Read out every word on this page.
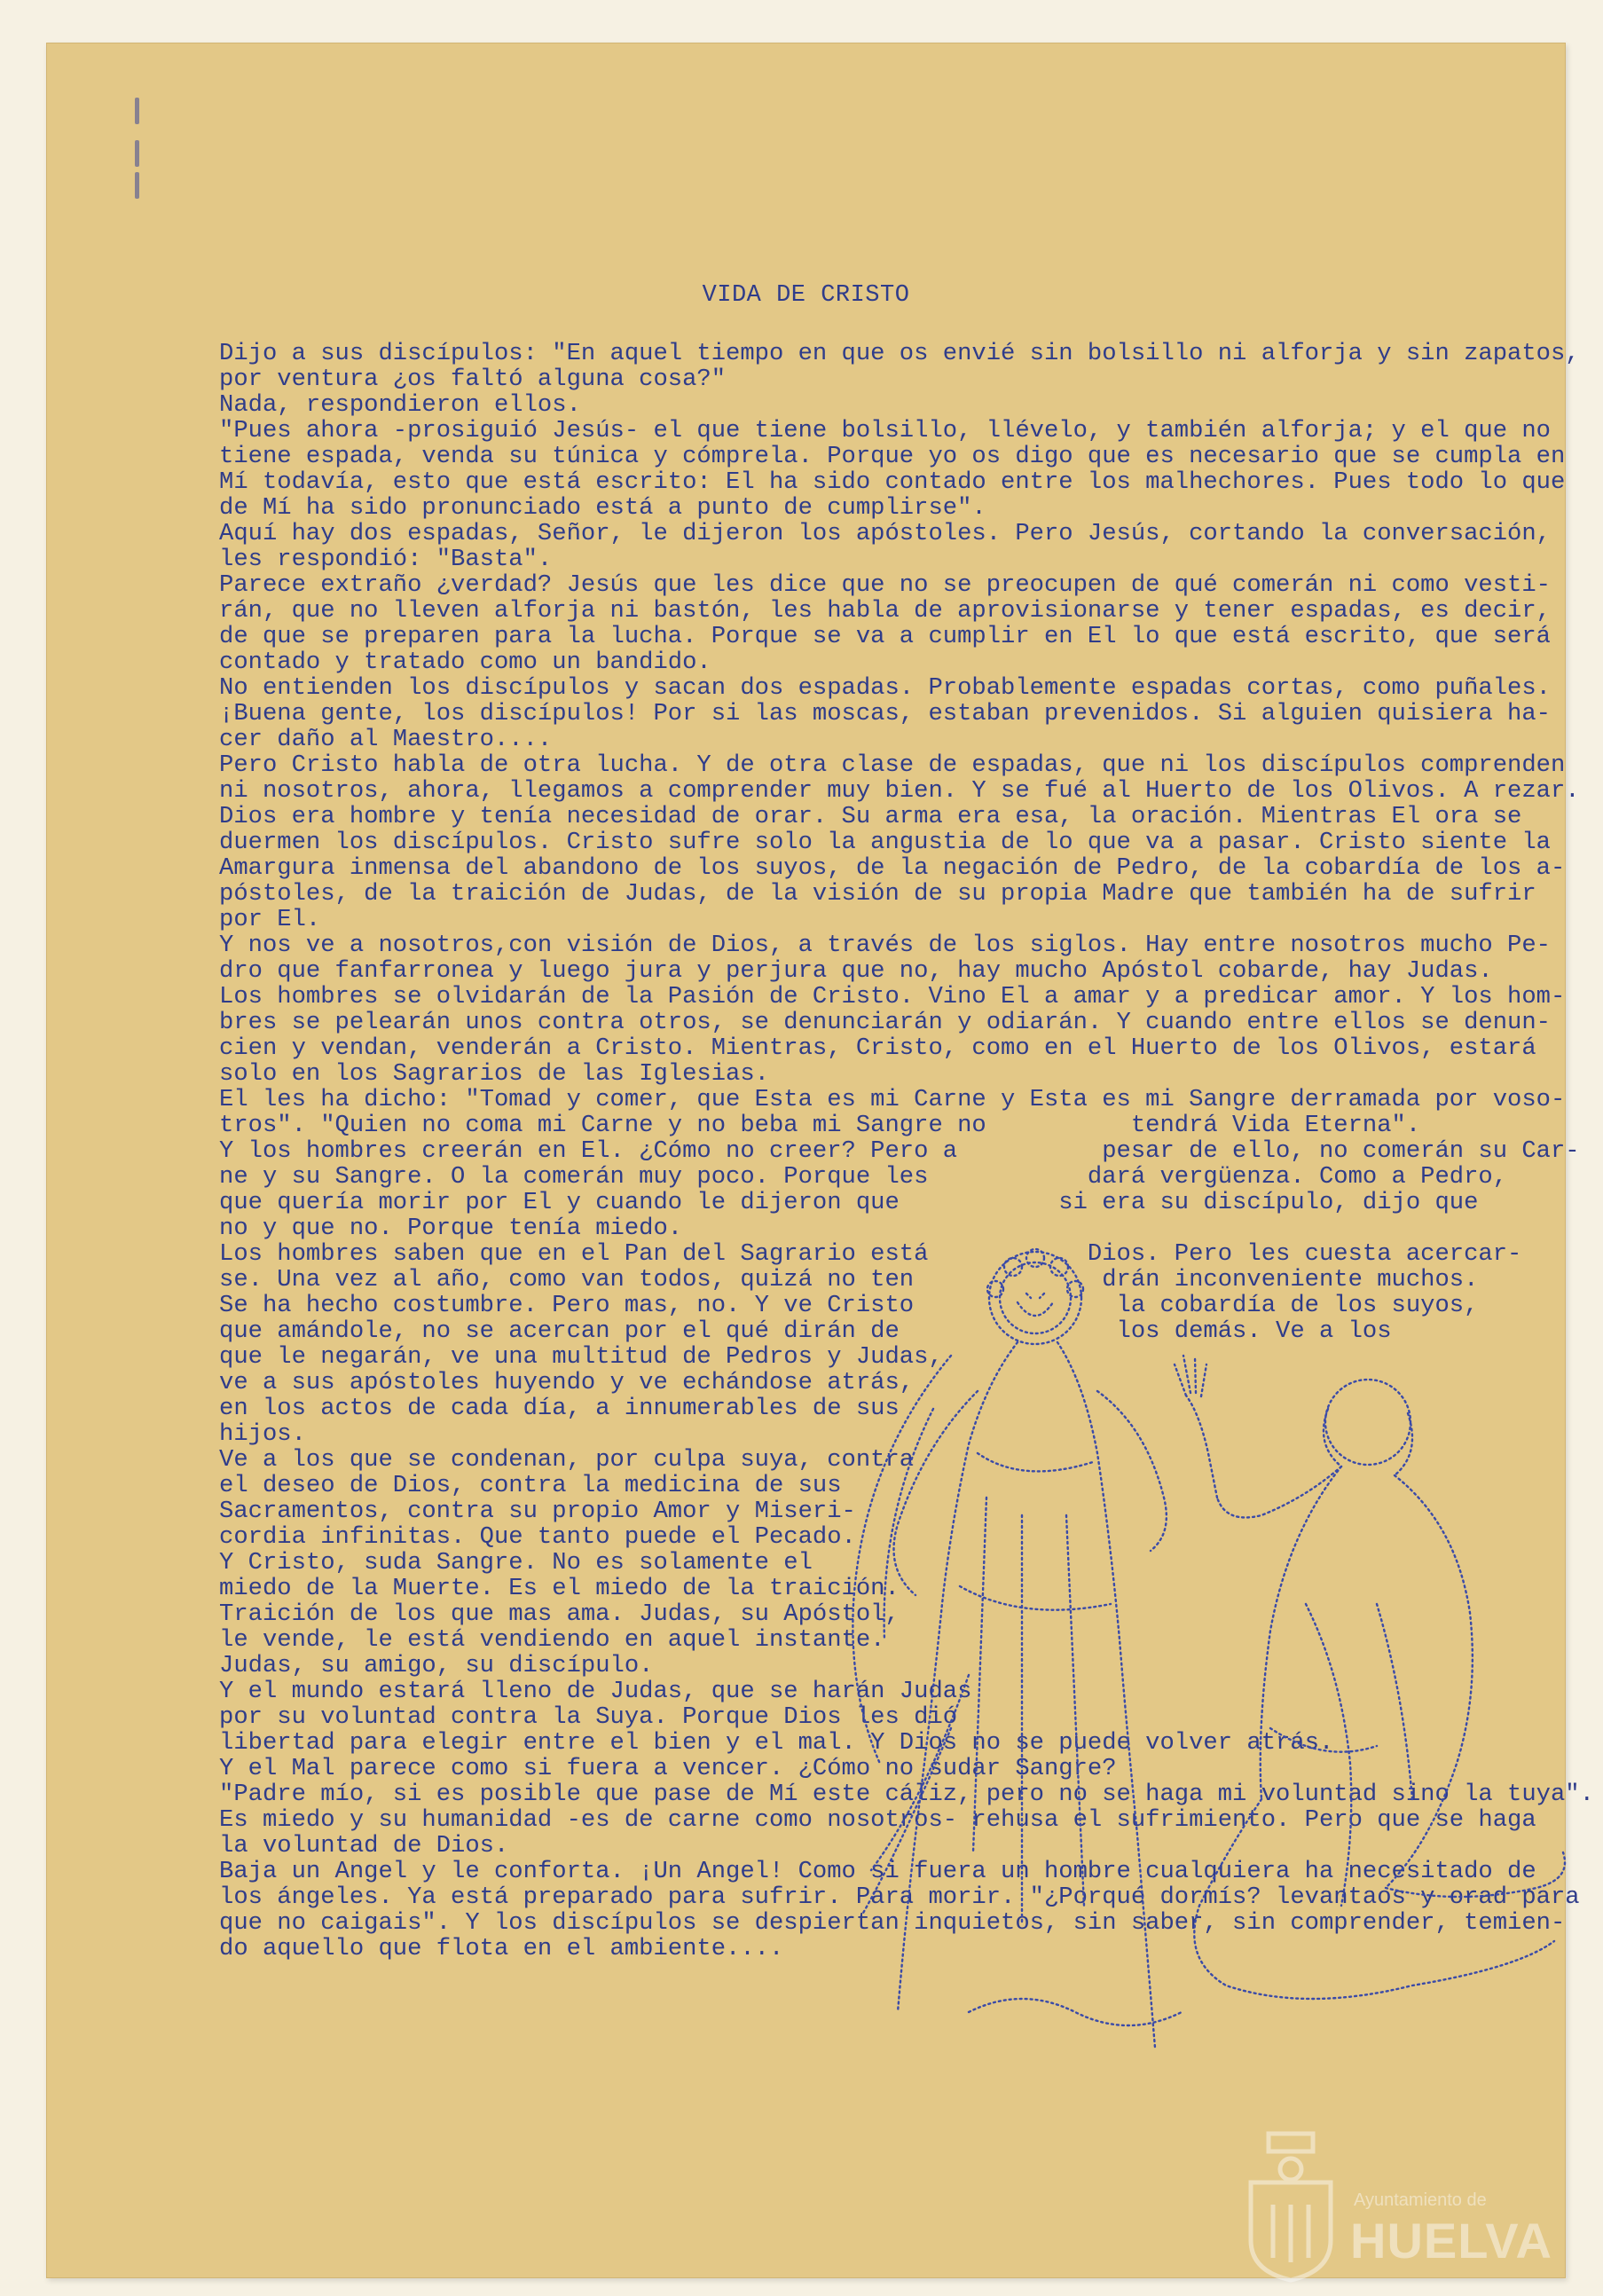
VIDA DE CRISTO
Dijo a sus discípulos: "En aquel tiempo en que os envié sin bolsillo ni alforja y sin zapatos,
por ventura ¿os faltó alguna cosa?"
Nada, respondieron ellos.
"Pues ahora -prosiguió Jesús- el que tiene bolsillo, llévelo, y también alforja; y el que no
tiene espada, venda su túnica y cómprela. Porque yo os digo que es necesario que se cumpla en
Mí todavía, esto que está escrito: El ha sido contado entre los malhechores. Pues todo lo que
de Mí ha sido pronunciado está a punto de cumplirse".
Aquí hay dos espadas, Señor, le dijeron los apóstoles. Pero Jesús, cortando la conversación,
les respondió: "Basta".
Parece extraño ¿verdad? Jesús que les dice que no se preocupen de qué comerán ni como vesti-
rán, que no lleven alforja ni bastón, les habla de aprovisionarse y tener espadas, es decir,
de que se preparen para la lucha. Porque se va a cumplir en El lo que está escrito, que será
contado y tratado como un bandido.
No entienden los discípulos y sacan dos espadas. Probablemente espadas cortas, como puñales.
¡Buena gente, los discípulos! Por si las moscas, estaban prevenidos. Si alguien quisiera ha-
cer daño al Maestro....
Pero Cristo habla de otra lucha. Y de otra clase de espadas, que ni los discípulos comprenden
ni nosotros, ahora, llegamos a comprender muy bien. Y se fué al Huerto de los Olivos. A rezar.
Dios era hombre y tenía necesidad de orar. Su arma era esa, la oración. Mientras El ora se
duermen los discípulos. Cristo sufre solo la angustia de lo que va a pasar. Cristo siente la
Amargura inmensa del abandono de los suyos, de la negación de Pedro, de la cobardía de los a-
póstoles, de la traición de Judas, de la visión de su propia Madre que también ha de sufrir
por El.
Y nos ve a nosotros,con visión de Dios, a través de los siglos. Hay entre nosotros mucho Pe-
dro que fanfarronea y luego jura y perjura que no, hay mucho Apóstol cobarde, hay Judas.
Los hombres se olvidarán de la Pasión de Cristo. Vino El a amar y a predicar amor. Y los hom-
bres se pelearán unos contra otros, se denunciarán y odiarán. Y cuando entre ellos se denun-
cien y vendan, venderán a Cristo. Mientras, Cristo, como en el Huerto de los Olivos, estará
solo en los Sagrarios de las Iglesias.
El les ha dicho: "Tomad y comer, que Esta es mi Carne y Esta es mi Sangre derramada por voso-
tros". "Quien no coma mi Carne y no beba mi Sangre no          tendrá Vida Eterna".
Y los hombres creerán en El. ¿Cómo no creer? Pero a          pesar de ello, no comerán su Car-
ne y su Sangre. O la comerán muy poco. Porque les           dará vergüenza. Como a Pedro,
que quería morir por El y cuando le dijeron que           si era su discípulo, dijo que
no y que no. Porque tenía miedo.
Los hombres saben que en el Pan del Sagrario está           Dios. Pero les cuesta acercar-
se. Una vez al año, como van todos, quizá no ten             drán inconveniente muchos.
Se ha hecho costumbre. Pero mas, no. Y ve Cristo              la cobardía de los suyos,
que amándole, no se acercan por el qué dirán de               los demás. Ve a los
que le negarán, ve una multitud de Pedros y Judas,
ve a sus apóstoles huyendo y ve echándose atrás,
en los actos de cada día, a innumerables de sus
hijos.
Ve a los que se condenan, por culpa suya, contra
el deseo de Dios, contra la medicina de sus
Sacramentos, contra su propio Amor y Miseri-
cordia infinitas. Que tanto puede el Pecado.
Y Cristo, suda Sangre. No es solamente el
miedo de la Muerte. Es el miedo de la traición.
Traición de los que mas ama. Judas, su Apóstol,
le vende, le está vendiendo en aquel instante.
Judas, su amigo, su discípulo.
Y el mundo estará lleno de Judas, que se harán Judas
por su voluntad contra la Suya. Porque Dios les dió
libertad para elegir entre el bien y el mal. Y Dios no se puede volver atrás.
Y el Mal parece como si fuera a vencer. ¿Cómo no sudar Sangre?
"Padre mío, si es posible que pase de Mí este cáliz, pero no se haga mi voluntad sino la tuya".
Es miedo y su humanidad -es de carne como nosotros- rehusa el sufrimiento. Pero que se haga
la voluntad de Dios.
Baja un Angel y le conforta. ¡Un Angel! Como si fuera un hombre cualquiera ha necesitado de
los ángeles. Ya está preparado para sufrir. Para morir. "¿Porqué dormís? levantaos y orad para
que no caigais". Y los discípulos se despiertan inquietos, sin saber, sin comprender, temien-
do aquello que flota en el ambiente....
Ayuntamiento de
HUELVA
